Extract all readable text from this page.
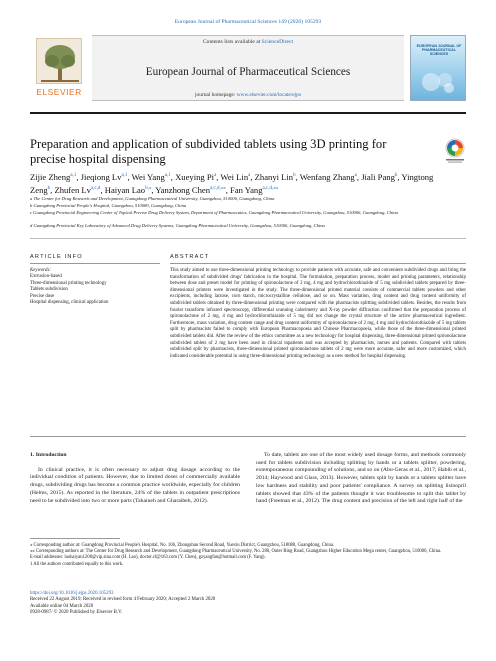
European Journal of Pharmaceutical Sciences 149 (2020) 105293
ELSEVIER
Contents lists available at ScienceDirect
European Journal of Pharmaceutical Sciences
journal homepage: www.elsevier.com/locate/ejps
EUROPEAN JOURNAL OF PHARMACEUTICAL SCIENCES
Preparation and application of subdivided tablets using 3D printing for precise hospital dispensing
Zijie Zheng$^{a,1}$, Jieqiong Lv$^{a,1}$, Wei Yang$^{a,1}$, Xueying Pi$^a$, Wei Lin$^a$, Zhanyi Lin$^b$, Wenfang Zhang$^a$, Jiali Pang$^b$, Yingtong Zeng$^b$, Zhufen Lv$^{a,c,d}$, Haiyan Lao$^{b,⁎}$, Yanzhong Chen$^{a,c,d,⁎⁎}$, Fan Yang$^{a,c,d,⁎⁎}$
a The Center for Drug Research and Development, Guangdong Pharmaceutical University, Guangzhou, 510006, Guangdong, China
b Guangdong Provincial People's Hospital, Guangzhou, 510080, Guangdong, China
c Guangdong Provincial Engineering Center of Topical Precise Drug Delivery System, Department of Pharmaceutics, Guangdong Pharmaceutical University, Guangzhou, 510006, Guangdong, China
d Guangdong Provincial Key Laboratory of Advanced Drug Delivery Systems, Guangdong Pharmaceutical University, Guangzhou, 510006, Guangdong, China
ARTICLE INFO	ABSTRACT
Keywords:
Extrusion-based
Three-dimensional printing technology
Tablets subdivision
Precise dose
Hospital dispensing, clinical application
This study aimed to use three-dimensional printing technology to provide patients with accurate, safe and convenient subdivided drugs and bring the transformation of subdivided drugs' fabrication in the hospital. The formulation, preparation process, model and printing parameters, relationship between dose and preset model for printing of spironolactone of 2 mg, 4 mg and hydrochlorothiazide of 5 mg subdivided tablets prepared by three-dimensional printers were investigated in the study. The three-dimensional printed material consists of commercial tablets powders and other excipients, including lactose, corn starch, microcrystalline cellulose, and so on. Mass variation, drug content and drug content uniformity of subdivided tablets obtained by three-dimensional printing were compared with the pharmacists splitting subdivided tablets. Besides, the results from fourier transform infrared spectroscopy, differential scanning calorimetry and X-ray powder diffraction confirmed that the preparation process of spironolactone of 2 mg, 4 mg and hydrochlorothiazide of 5 mg did not change the crystal structure of the active pharmaceutical ingredient. Furthermore, mass variation, drug content range and drug content uniformity of spironolactone of 2 mg, 4 mg and hydrochlorothiazide of 5 mg tablets split by pharmacists failed to comply with European Pharmacopoeia and Chinese Pharmacopoeia, while those of the three-dimensional printed subdivided tablets did. After the review of the ethics committee as a new technology for hospital dispensing, three-dimensional printed spironolactone subdivided tablets of 2 mg have been used in clinical inpatients and was accepted by pharmacists, nurses and patients. Compared with tablets subdivided split by pharmacists, three-dimensional printed spironolactone tablets of 2 mg were more accurate, safer and more customized, which indicated considerable potential in using three-dimensional printing technology as a new method for hospital dispensing.
1. Introduction
In clinical practice, it is often necessary to adjust drug dosage according to the individual condition of patients. However, due to limited doses of commercially available drugs, subdividing drugs has become a common practice worldwide, especially for children (Helms, 2015). As reported in the literature, 24% of the tablets in outpatient prescriptions need to be subdivided into two or more parts (Tahaineh and Gharaibeh, 2012).
To date, tablets are one of the most widely used dosage forms, and methods commonly used for tablets subdivision including splitting by hands or a tablets splitter, powdering, extemporaneous compounding of solutions, and so on (Abu-Geras et al., 2017; Habib et al., 2014; Haywood and Glass, 2013). However, tablets split by hands or a tablets splitter have low hardness and stability and poor patients' compliance. A survey on splitting lisinopril tablets showed that 43% of the patients thought it was troublesome to split this tablet by hand (Freeman et al., 2012). The drug content and precision of the left and right half of the
⁎ Corresponding author at: Guangdong Provincial People's Hospital, No. 106, Zhongshan Second Road, Yuexiu District, Guangzhou, 510080, Guangdong, China.
⁎⁎ Corresponding authors at: The Center for Drug Research and Development, Guangdong Pharmaceutical University, No. 280, Outer Ring Road, Guangzhou Higher Education Mega center, Guangzhou, 510006, China.
E-mail addresses: laohaiyan1208@vip.sina.com (H. Lao), doctor.cf@163.com (Y. Chen), gzyangfan@hotmail.com (F. Yang).
1 All the authors contributed equally to this work.
https://doi.org/10.1016/j.ejps.2020.105293
Received 22 August 2019; Received in revised form 4 February 2020; Accepted 2 March 2020
Available online 04 March 2020
0928-0987/ © 2020 Published by Elsevier B.V.
